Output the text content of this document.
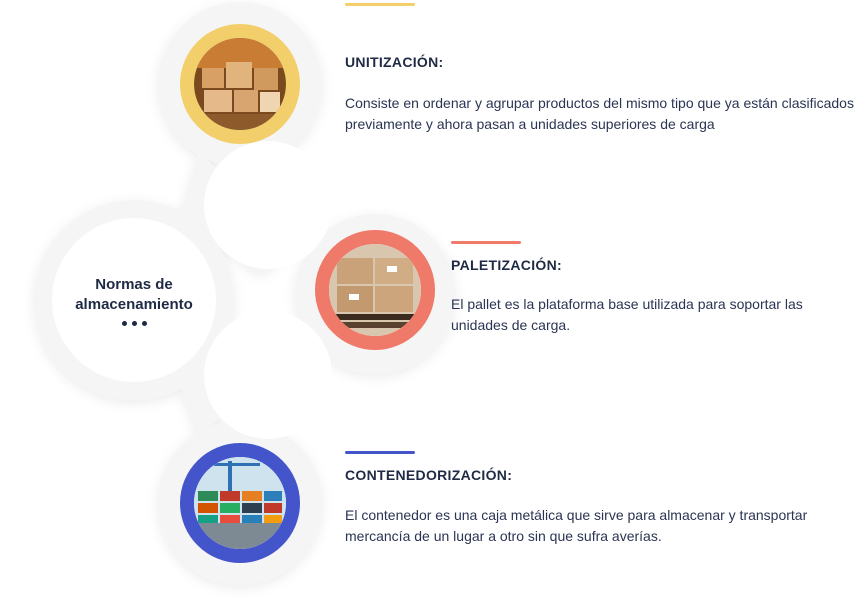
Normas de almacenamiento
UNITIZACIÓN:

Consiste en ordenar y agrupar productos del mismo tipo que ya están clasificados previamente y ahora pasan a unidades superiores de carga

PALETIZACIÓN:

El pallet es la plataforma base utilizada para soportar las unidades de carga.

CONTENEDORIZACIÓN:

El contenedor es una caja metálica que sirve para almacenar y transportar mercancía de un lugar a otro sin que sufra averías.
